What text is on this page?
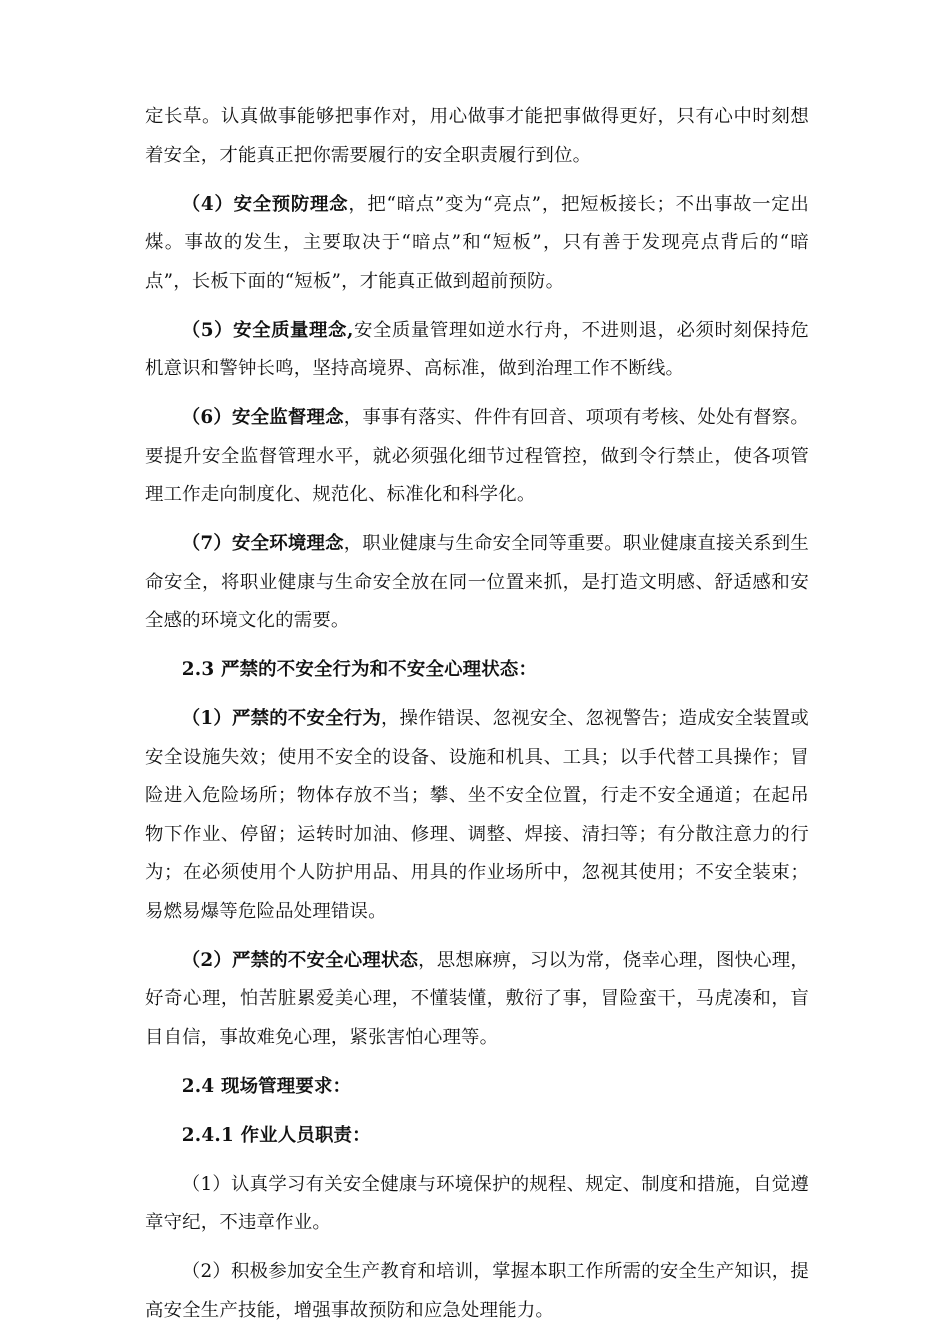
定长草。认真做事能够把事作对，用心做事才能把事做得更好，只有心中时刻想着安全，才能真正把你需要履行的安全职责履行到位。

（4）安全预防理念，把“暗点”变为“亮点”，把短板接长；不出事故一定出煤。事故的发生，主要取决于“暗点”和“短板”，只有善于发现亮点背后的“暗点”，长板下面的“短板”，才能真正做到超前预防。

（5）安全质量理念,安全质量管理如逆水行舟，不进则退，必须时刻保持危机意识和警钟长鸣，坚持高境界、高标准，做到治理工作不断线。

（6）安全监督理念，事事有落实、件件有回音、项项有考核、处处有督察。要提升安全监督管理水平，就必须强化细节过程管控，做到令行禁止，使各项管理工作走向制度化、规范化、标准化和科学化。

（7）安全环境理念，职业健康与生命安全同等重要。职业健康直接关系到生命安全，将职业健康与生命安全放在同一位置来抓，是打造文明感、舒适感和安全感的环境文化的需要。

2.3 严禁的不安全行为和不安全心理状态：

（1）严禁的不安全行为，操作错误、忽视安全、忽视警告；造成安全装置或安全设施失效；使用不安全的设备、设施和机具、工具；以手代替工具操作；冒险进入危险场所；物体存放不当；攀、坐不安全位置，行走不安全通道；在起吊物下作业、停留；运转时加油、修理、调整、焊接、清扫等；有分散注意力的行为；在必须使用个人防护用品、用具的作业场所中，忽视其使用；不安全装束；易燃易爆等危险品处理错误。

（2）严禁的不安全心理状态，思想麻痹，习以为常，侥幸心理，图快心理，好奇心理，怕苦脏累爱美心理，不懂装懂，敷衍了事，冒险蛮干，马虎凑和，盲目自信，事故难免心理，紧张害怕心理等。

2.4 现场管理要求：

2.4.1 作业人员职责：

（1）认真学习有关安全健康与环境保护的规程、规定、制度和措施，自觉遵章守纪，不违章作业。

（2）积极参加安全生产教育和培训，掌握本职工作所需的安全生产知识，提高安全生产技能，增强事故预防和应急处理能力。
